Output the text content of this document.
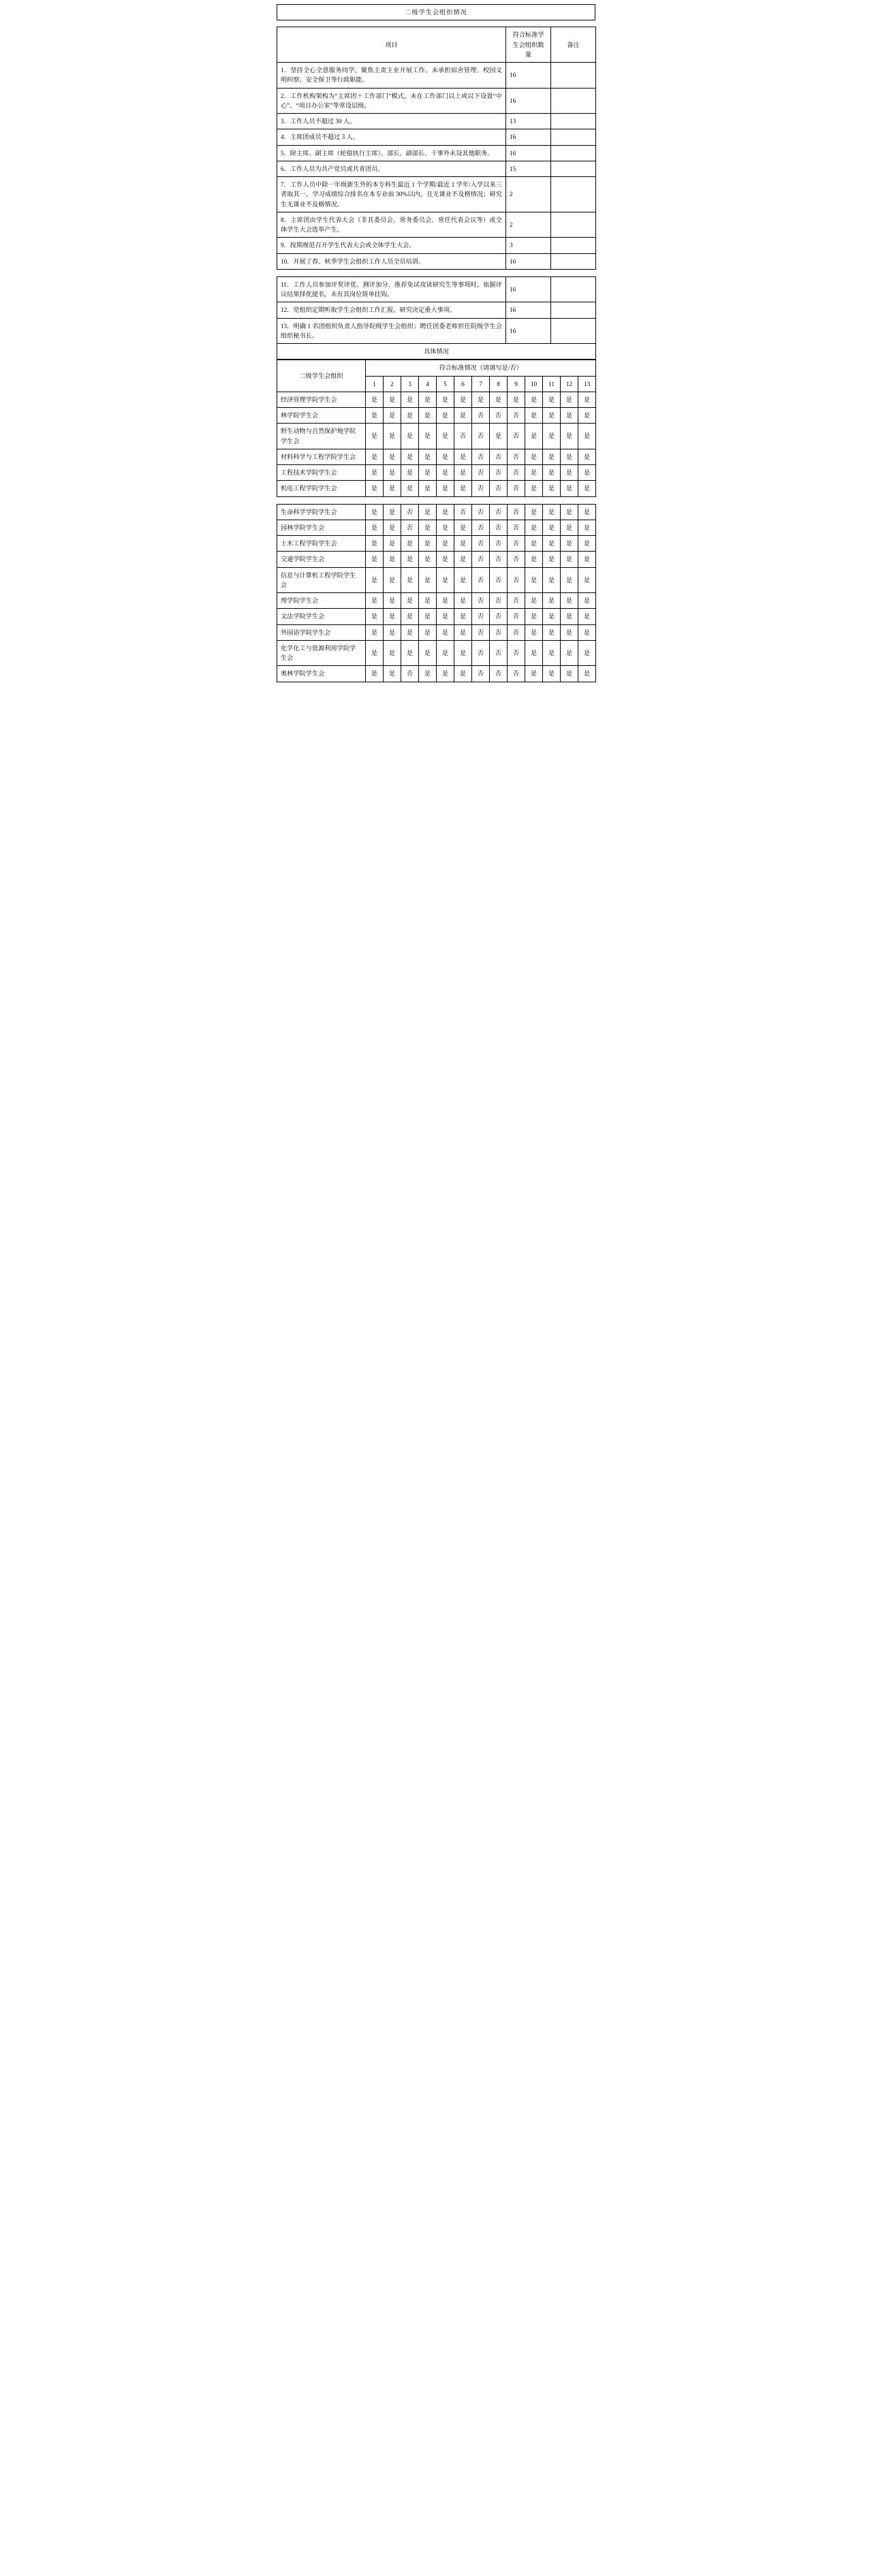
二级学生会组织情况
项目	符合标准学生会组织数量	备注
1．坚持全心全意服务同学，聚焦主责主业开展工作。未承担宿舍管理、校园文明纠察、安全保卫等行政职能。	16	
2．工作机构架构为“主席团＋工作部门”模式，未在工作部门以上或以下设置“中心”、“项目办公室”等常设层级。	16	
3．工作人员不超过 30 人。	13	
4．主席团成员不超过 3 人。	16	
5．除主席、副主席（轮值执行主席）、部长、副部长、干事外未设其他职务。	16	
6．工作人员为共产党员或共青团员。	15	
7．工作人员中除一年级新生外的本专科生最近 1 个学期/最近 1 学年/入学以来三者取其一，学习成绩综合排名在本专业前 30%以内，且无课业不及格情况；研究生无课业不及格情况。	2	
8．主席团由学生代表大会（非其委员会、常务委员会、常任代表会议等）或全体学生大会选举产生。	2	
9．按期规范召开学生代表大会或全体学生大会。	3	
10．开展了春、秋季学生会组织工作人员全员培训。	16	
11．工作人员参加评奖评优、测评加分、推荐免试攻读研究生等事项时，依据评议结果择优提名，未有其岗位简单挂钩。	16	
12．党组织定期听取学生会组织工作汇报，研究决定重大事项。	16	
13．明确 1 名团组织负责人指导院级学生会组织；聘任团委老师担任院级学生会组织秘书长。	16	
具体情况		
二级学生会组织	符合标准情况（请填写是/否）												
	1	2	3	4	5	6	7	8	9	10	11	12	13
经济管理学院学生会	是	是	是	是	是	是	是	是	是	是	是	是	是
林学院学生会	是	是	是	是	是	是	否	否	否	是	是	是	是
野生动物与自然保护地学院学生会	是	是	是	是	是	否	否	是	否	是	是	是	是
材料科学与工程学院学生会	是	是	是	是	是	是	否	否	否	是	是	是	是
工程技术学院学生会	是	是	是	是	是	是	否	否	否	是	是	是	是
机电工程学院学生会	是	是	是	是	是	是	否	否	否	是	是	是	是
生命科学学院学生会	是	是	否	是	是	否	否	否	否	是	是	是	是
园林学院学生会	是	是	否	是	是	是	否	否	否	是	是	是	是
土木工程学院学生会	是	是	是	是	是	是	否	否	否	是	是	是	是
交通学院学生会	是	是	是	是	是	是	否	否	否	是	是	是	是
信息与计算机工程学院学生会	是	是	是	是	是	是	否	否	否	是	是	是	是
理学院学生会	是	是	是	是	是	是	否	否	否	是	是	是	是
文法学院学生会	是	是	是	是	是	是	否	否	否	是	是	是	是
外国语学院学生会	是	是	是	是	是	是	否	否	否	是	是	是	是
化学化工与资源利用学院学生会	是	是	是	是	是	是	否	否	否	是	是	是	是
奥林学院学生会	是	是	否	是	是	是	否	否	否	是	是	是	是
